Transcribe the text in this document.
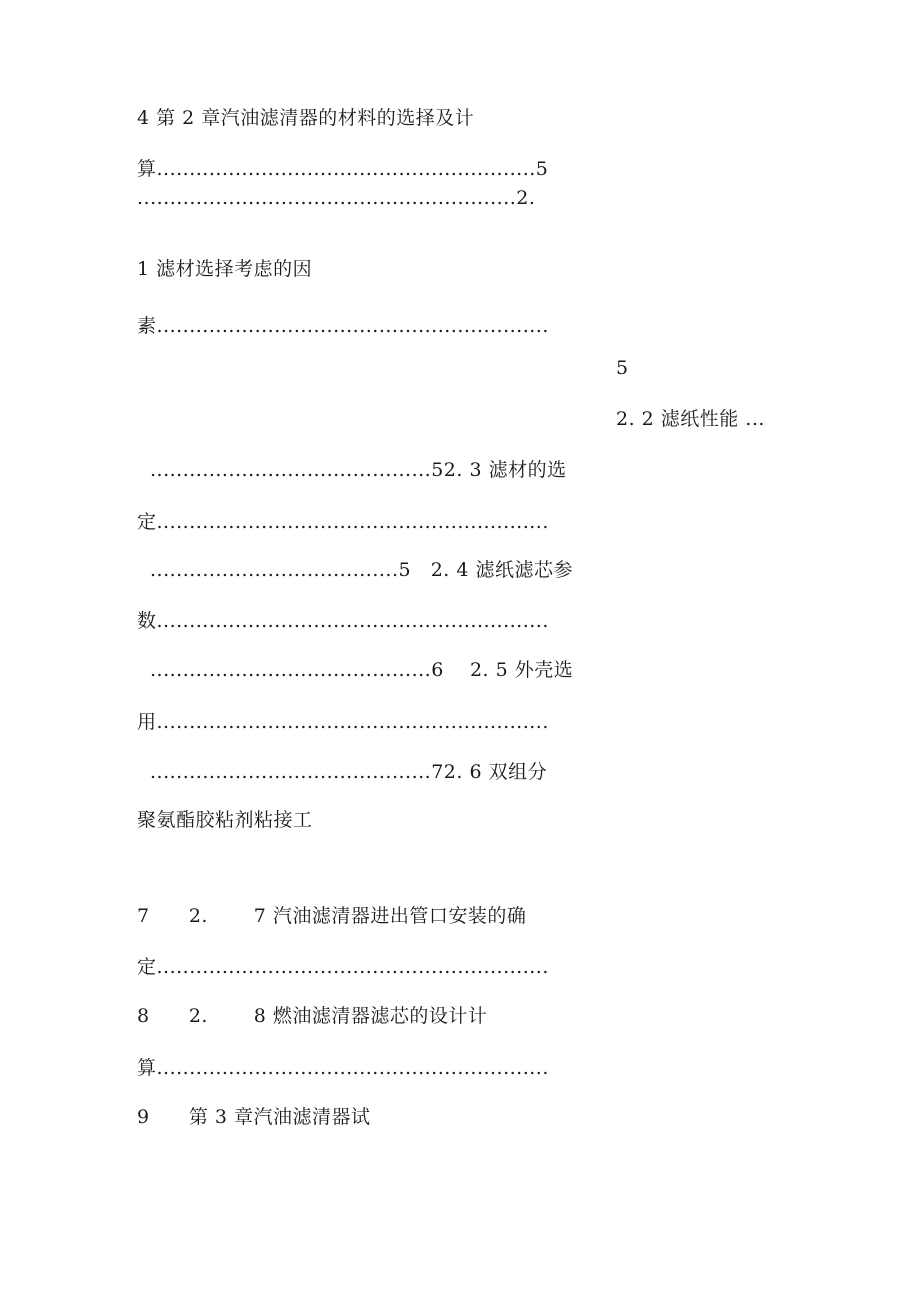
4 第 2 章汽油滤清器的材料的选择及计
算..........................................................5
..........................................................2.
1 滤材选择考虑的因
素............................................................
5
2. 2 滤纸性能 ...
...........................................52. 3 滤材的选
定............................................................
......................................5   2. 4 滤纸滤芯参
数............................................................
...........................................6    2. 5 外壳选
用............................................................
...........................................72. 6 双组分
聚氨酯胶粘剂粘接工
7      2.       7 汽油滤清器进出管口安装的确
定............................................................
8      2.       8 燃油滤清器滤芯的设计计
算............................................................
9      第 3 章汽油滤清器试
